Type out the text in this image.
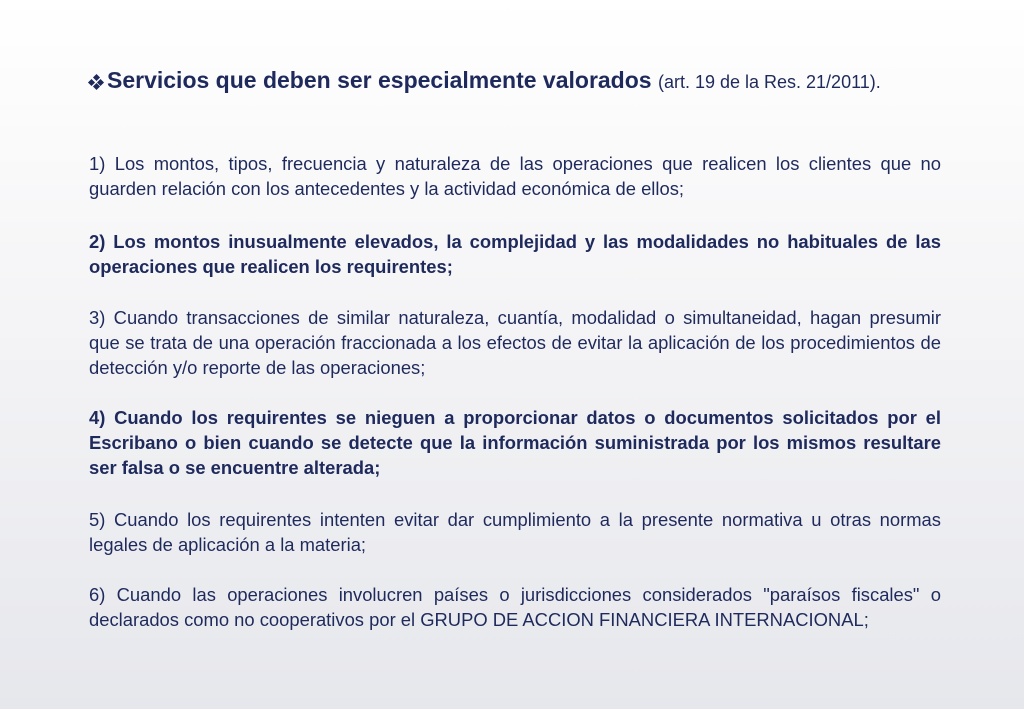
Servicios que deben ser especialmente valorados (art. 19 de la Res. 21/2011).

1) Los montos, tipos, frecuencia y naturaleza de las operaciones que realicen los clientes que no guarden relación con los antecedentes y la actividad económica de ellos;

2) Los montos inusualmente elevados, la complejidad y las modalidades no habituales de las operaciones que realicen los requirentes;

3) Cuando transacciones de similar naturaleza, cuantía, modalidad o simultaneidad, hagan presumir que se trata de una operación fraccionada a los efectos de evitar la aplicación de los procedimientos de detección y/o reporte de las operaciones;

4) Cuando los requirentes se nieguen a proporcionar datos o documentos solicitados por el Escribano o bien cuando se detecte que la información suministrada por los mismos resultare ser falsa o se encuentre alterada;

5) Cuando los requirentes intenten evitar dar cumplimiento a la presente normativa u otras normas legales de aplicación a la materia;

6) Cuando las operaciones involucren países o jurisdicciones considerados "paraísos fiscales" o declarados como no cooperativos por el GRUPO DE ACCION FINANCIERA INTERNACIONAL;
